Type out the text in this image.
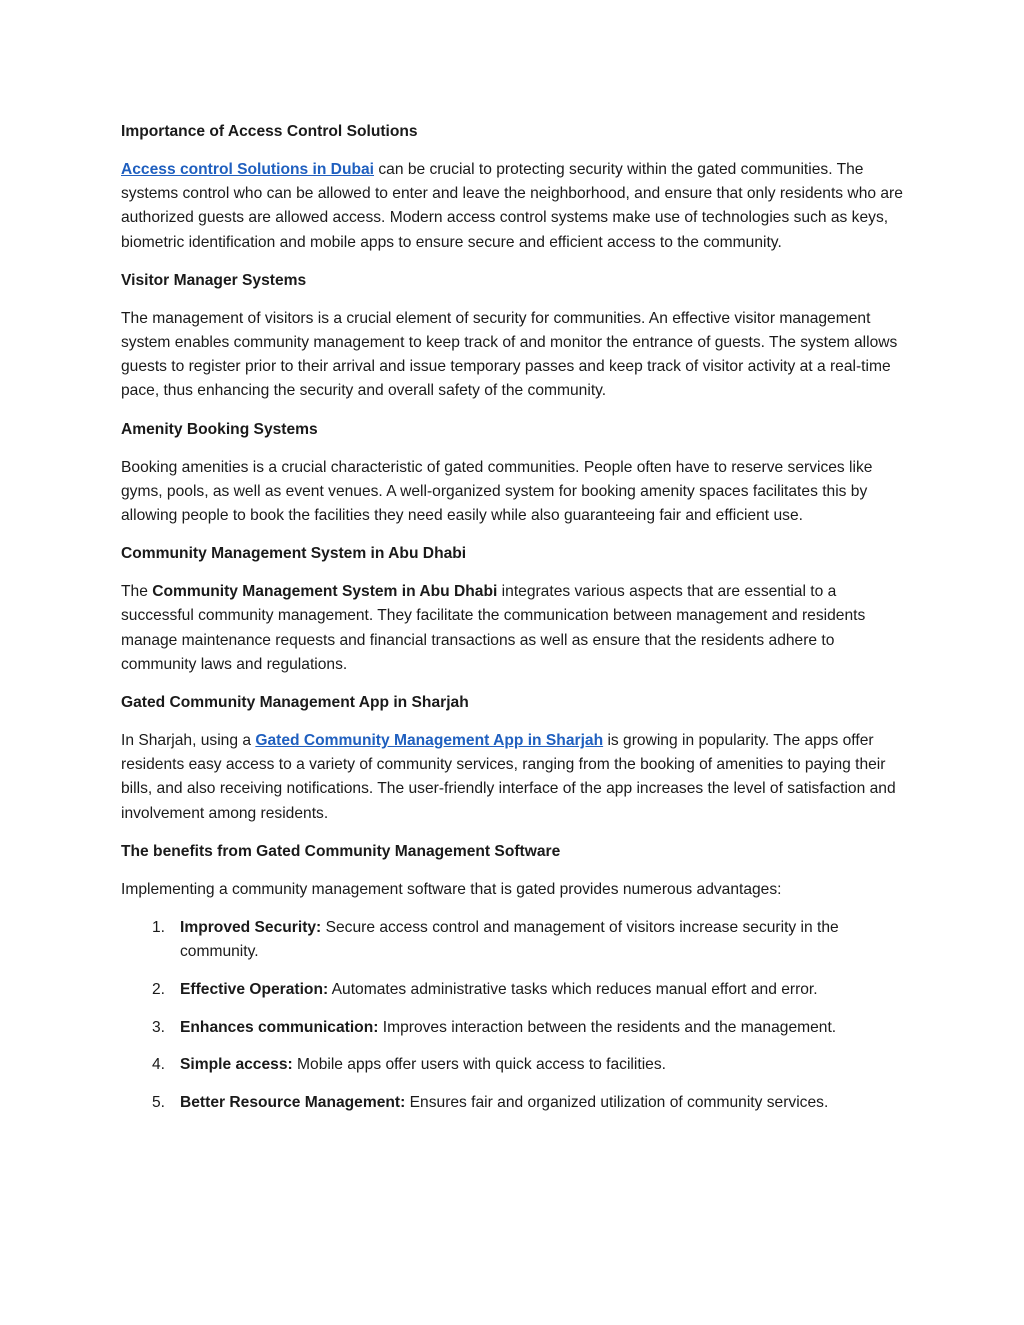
Importance of Access Control Solutions

Access control Solutions in Dubai can be crucial to protecting security within the gated communities. The systems control who can be allowed to enter and leave the neighborhood, and ensure that only residents who are authorized guests are allowed access. Modern access control systems make use of technologies such as keys, biometric identification and mobile apps to ensure secure and efficient access to the community.

Visitor Manager Systems

The management of visitors is a crucial element of security for communities. An effective visitor management system enables community management to keep track of and monitor the entrance of guests. The system allows guests to register prior to their arrival and issue temporary passes and keep track of visitor activity at a real-time pace, thus enhancing the security and overall safety of the community.

Amenity Booking Systems

Booking amenities is a crucial characteristic of gated communities. People often have to reserve services like gyms, pools, as well as event venues. A well-organized system for booking amenity spaces facilitates this by allowing people to book the facilities they need easily while also guaranteeing fair and efficient use.

Community Management System in Abu Dhabi

The Community Management System in Abu Dhabi integrates various aspects that are essential to a successful community management. They facilitate the communication between management and residents manage maintenance requests and financial transactions as well as ensure that the residents adhere to community laws and regulations.

Gated Community Management App in Sharjah

In Sharjah, using a Gated Community Management App in Sharjah is growing in popularity. The apps offer residents easy access to a variety of community services, ranging from the booking of amenities to paying their bills, and also receiving notifications. The user-friendly interface of the app increases the level of satisfaction and involvement among residents.

The benefits from Gated Community Management Software

Implementing a community management software that is gated provides numerous advantages:

1. Improved Security: Secure access control and management of visitors increase security in the community.
2. Effective Operation: Automates administrative tasks which reduces manual effort and error.
3. Enhances communication: Improves interaction between the residents and the management.
4. Simple access: Mobile apps offer users with quick access to facilities.
5. Better Resource Management: Ensures fair and organized utilization of community services.
